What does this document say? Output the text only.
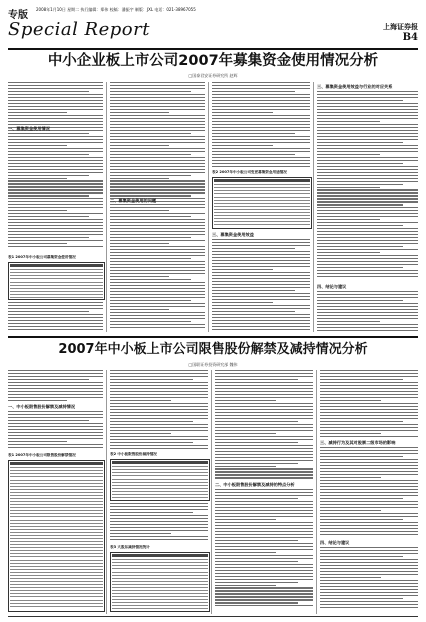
专版
2008年1月10日 星期二 执行编辑：郑伟 校稿：潘振宇 制版：JXL 电话：021-38967055
Special Report	上海证券报
B4
中小企业板上市公司2007年募集资金使用情况分析
□国泰君安证券研究所 赵辉
一、募集资金使用情况
表1 2007年中小板公司募集资金使用情况
二、募集资金使用的问题
表2 2007年中小板公司变更募集资金用途情况
三、募集资金使用效益
三、募集资金使用效益与行业的对应关系
四、结论与建议
2007年中小板上市公司限售股份解禁及减持情况分析
□国联证券投资研究部 魏伟
一、中小板限售股份解禁及减持情况
表1 2007年中小板公司限售股份解禁情况	表2 中小板限售股份减持情况
表3 大股东减持情况统计
二、中小板限售股份解禁及减持的特点分析
三、减持行为及其对股票二级市场的影响
四、结论与建议
